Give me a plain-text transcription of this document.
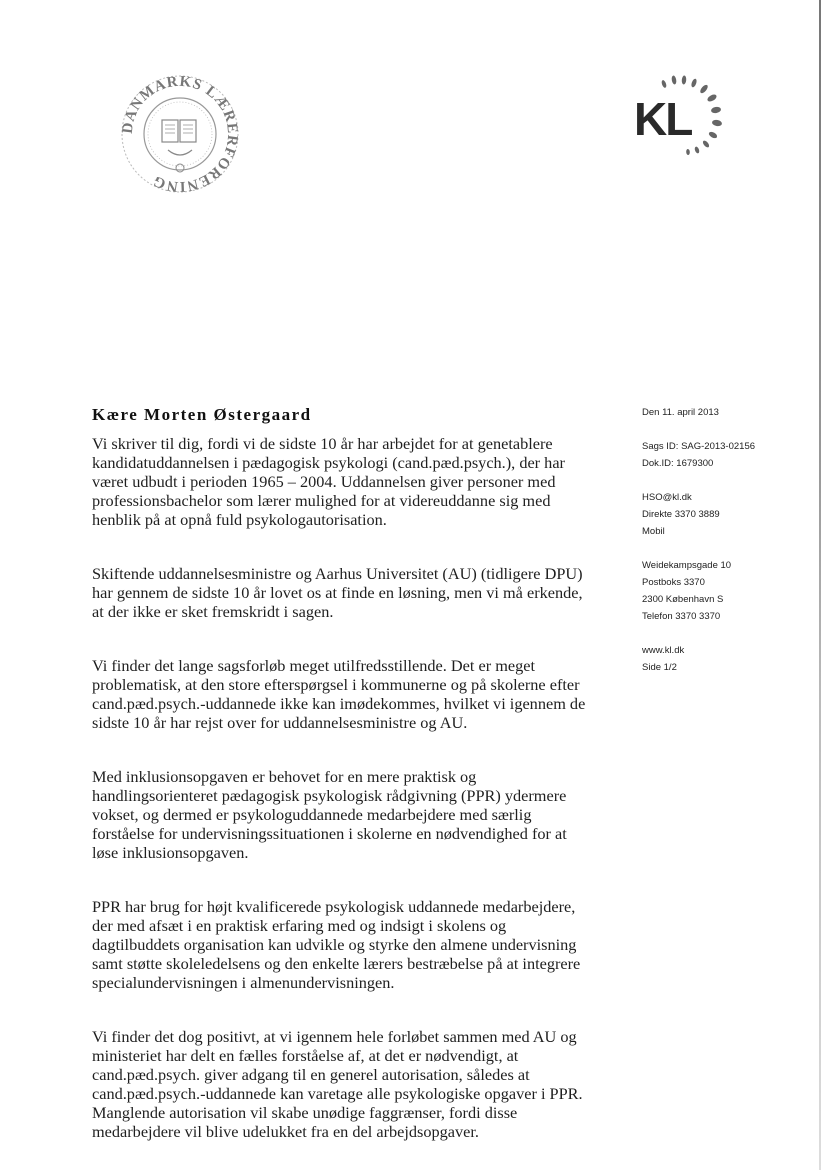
DANMARKS LÆRERFORENING
KL
Kære Morten Østergaard

Vi skriver til dig, fordi vi de sidste 10 år har arbejdet for at genetablere
kandidatuddannelsen i pædagogisk psykologi (cand.pæd.psych.), der har
været udbudt i perioden 1965 – 2004. Uddannelsen giver personer med
professionsbachelor som lærer mulighed for at videreuddanne sig med
henblik på at opnå fuld psykologautorisation.

Skiftende uddannelsesministre og Aarhus Universitet (AU) (tidligere DPU)
har gennem de sidste 10 år lovet os at finde en løsning, men vi må erkende,
at der ikke er sket fremskridt i sagen.

Vi finder det lange sagsforløb meget utilfredsstillende. Det er meget
problematisk, at den store efterspørgsel i kommunerne og på skolerne efter
cand.pæd.psych.-uddannede ikke kan imødekommes, hvilket vi igennem de
sidste 10 år har rejst over for uddannelsesministre og AU.

Med inklusionsopgaven er behovet for en mere praktisk og
handlingsorienteret pædagogisk psykologisk rådgivning (PPR) ydermere
vokset, og dermed er psykologuddannede medarbejdere med særlig
forståelse for undervisningssituationen i skolerne en nødvendighed for at
løse inklusionsopgaven.

PPR har brug for højt kvalificerede psykologisk uddannede medarbejdere,
der med afsæt i en praktisk erfaring med og indsigt i skolens og
dagtilbuddets organisation kan udvikle og styrke den almene undervisning
samt støtte skoleledelsens og den enkelte lærers bestræbelse på at integrere
specialundervisningen i almenundervisningen.

Vi finder det dog positivt, at vi igennem hele forløbet sammen med AU og
ministeriet har delt en fælles forståelse af, at det er nødvendigt, at
cand.pæd.psych. giver adgang til en generel autorisation, således at
cand.pæd.psych.-uddannede kan varetage alle psykologiske opgaver i PPR.
Manglende autorisation vil skabe unødige faggrænser, fordi disse
medarbejdere vil blive udelukket fra en del arbejdsopgaver.

Den 11. april 2013
Sags ID: SAG-2013-02156
Dok.ID: 1679300
HSO@kl.dk
Direkte 3370 3889
Mobil
Weidekampsgade 10
Postboks 3370
2300 København S
Telefon 3370 3370
www.kl.dk
Side 1/2
